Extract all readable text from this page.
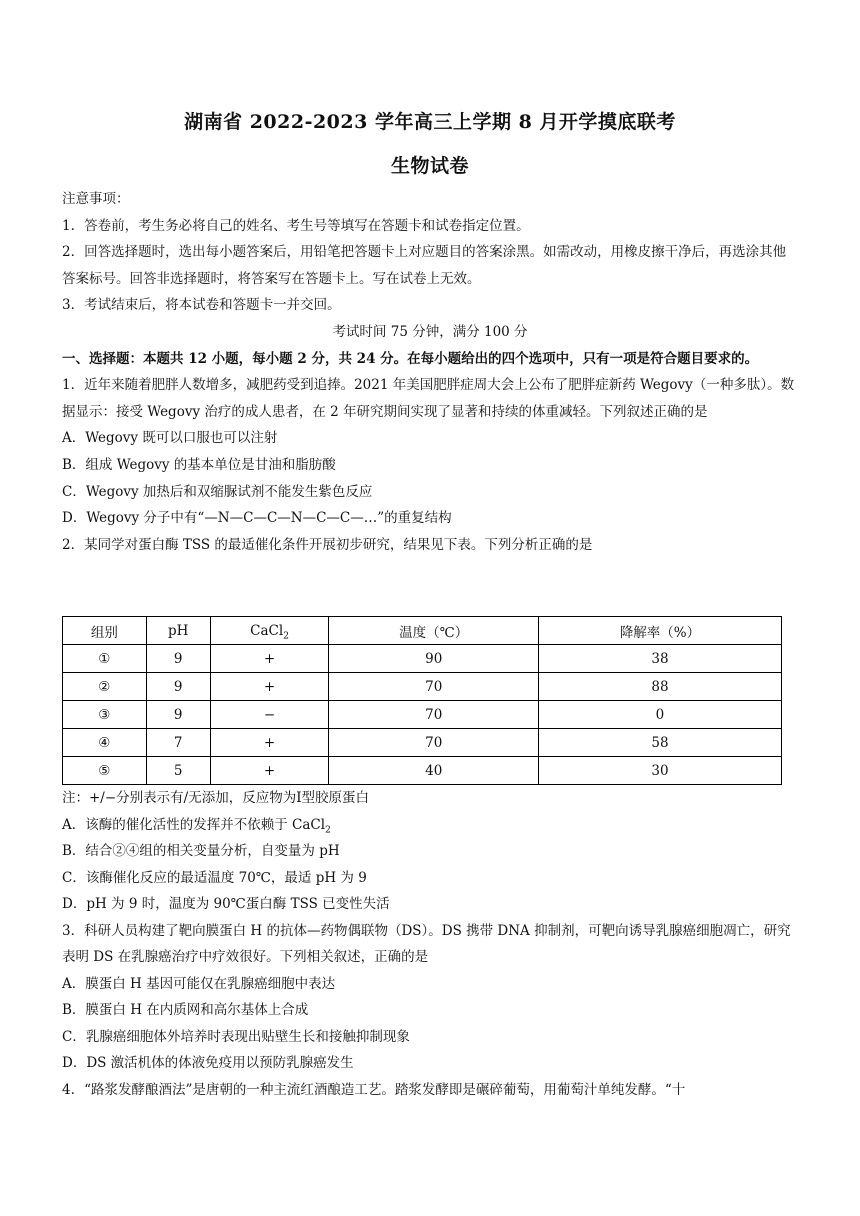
湖南省 2022-2023 学年高三上学期 8 月开学摸底联考
生物试卷

注意事项：

1．答卷前，考生务必将自己的姓名、考生号等填写在答题卡和试卷指定位置。

2．回答选择题时，选出每小题答案后，用铅笔把答题卡上对应题目的答案涂黑。如需改动，用橡皮擦干净后，再选涂其他答案标号。回答非选择题时，将答案写在答题卡上。写在试卷上无效。

3．考试结束后，将本试卷和答题卡一并交回。

考试时间 75 分钟，满分 100 分

一、选择题：本题共 12 小题，每小题 2 分，共 24 分。在每小题给出的四个选项中，只有一项是符合题目要求的。

1．近年来随着肥胖人数增多，减肥药受到追捧。2021 年美国肥胖症周大会上公布了肥胖症新药 Wegovy（一种多肽）。数据显示：接受 Wegovy 治疗的成人患者，在 2 年研究期间实现了显著和持续的体重减轻。下列叙述正确的是

A．Wegovy 既可以口服也可以注射

B．组成 Wegovy 的基本单位是甘油和脂肪酸

C．Wegovy 加热后和双缩脲试剂不能发生紫色反应

D．Wegovy 分子中有“—N—C—C—N—C—C—…”的重复结构

2．某同学对蛋白酶 TSS 的最适催化条件开展初步研究，结果见下表。下列分析正确的是

组别	pH	CaCl$_2$	温度（℃）	降解率（%）
①	9	+	90	38
②	9	+	70	88
③	9	−	70	0
④	7	+	70	58
⑤	5	+	40	30

注：+/−分别表示有/无添加，反应物为Ⅰ型胶原蛋白

A．该酶的催化活性的发挥并不依赖于 CaCl$_2$

B．结合②④组的相关变量分析，自变量为 pH

C．该酶催化反应的最适温度 70℃，最适 pH 为 9

D．pH 为 9 时，温度为 90℃蛋白酶 TSS 已变性失活

3．科研人员构建了靶向膜蛋白 H 的抗体—药物偶联物（DS）。DS 携带 DNA 抑制剂，可靶向诱导乳腺癌细胞凋亡，研究表明 DS 在乳腺癌治疗中疗效很好。下列相关叙述，正确的是

A．膜蛋白 H 基因可能仅在乳腺癌细胞中表达

B．膜蛋白 H 在内质网和高尔基体上合成

C．乳腺癌细胞体外培养时表现出贴壁生长和接触抑制现象

D．DS 激活机体的体液免疫用以预防乳腺癌发生

4．“路浆发酵酿酒法”是唐朝的一种主流红酒酿造工艺。踏浆发酵即是碾碎葡萄，用葡萄汁单纯发酵。“十
